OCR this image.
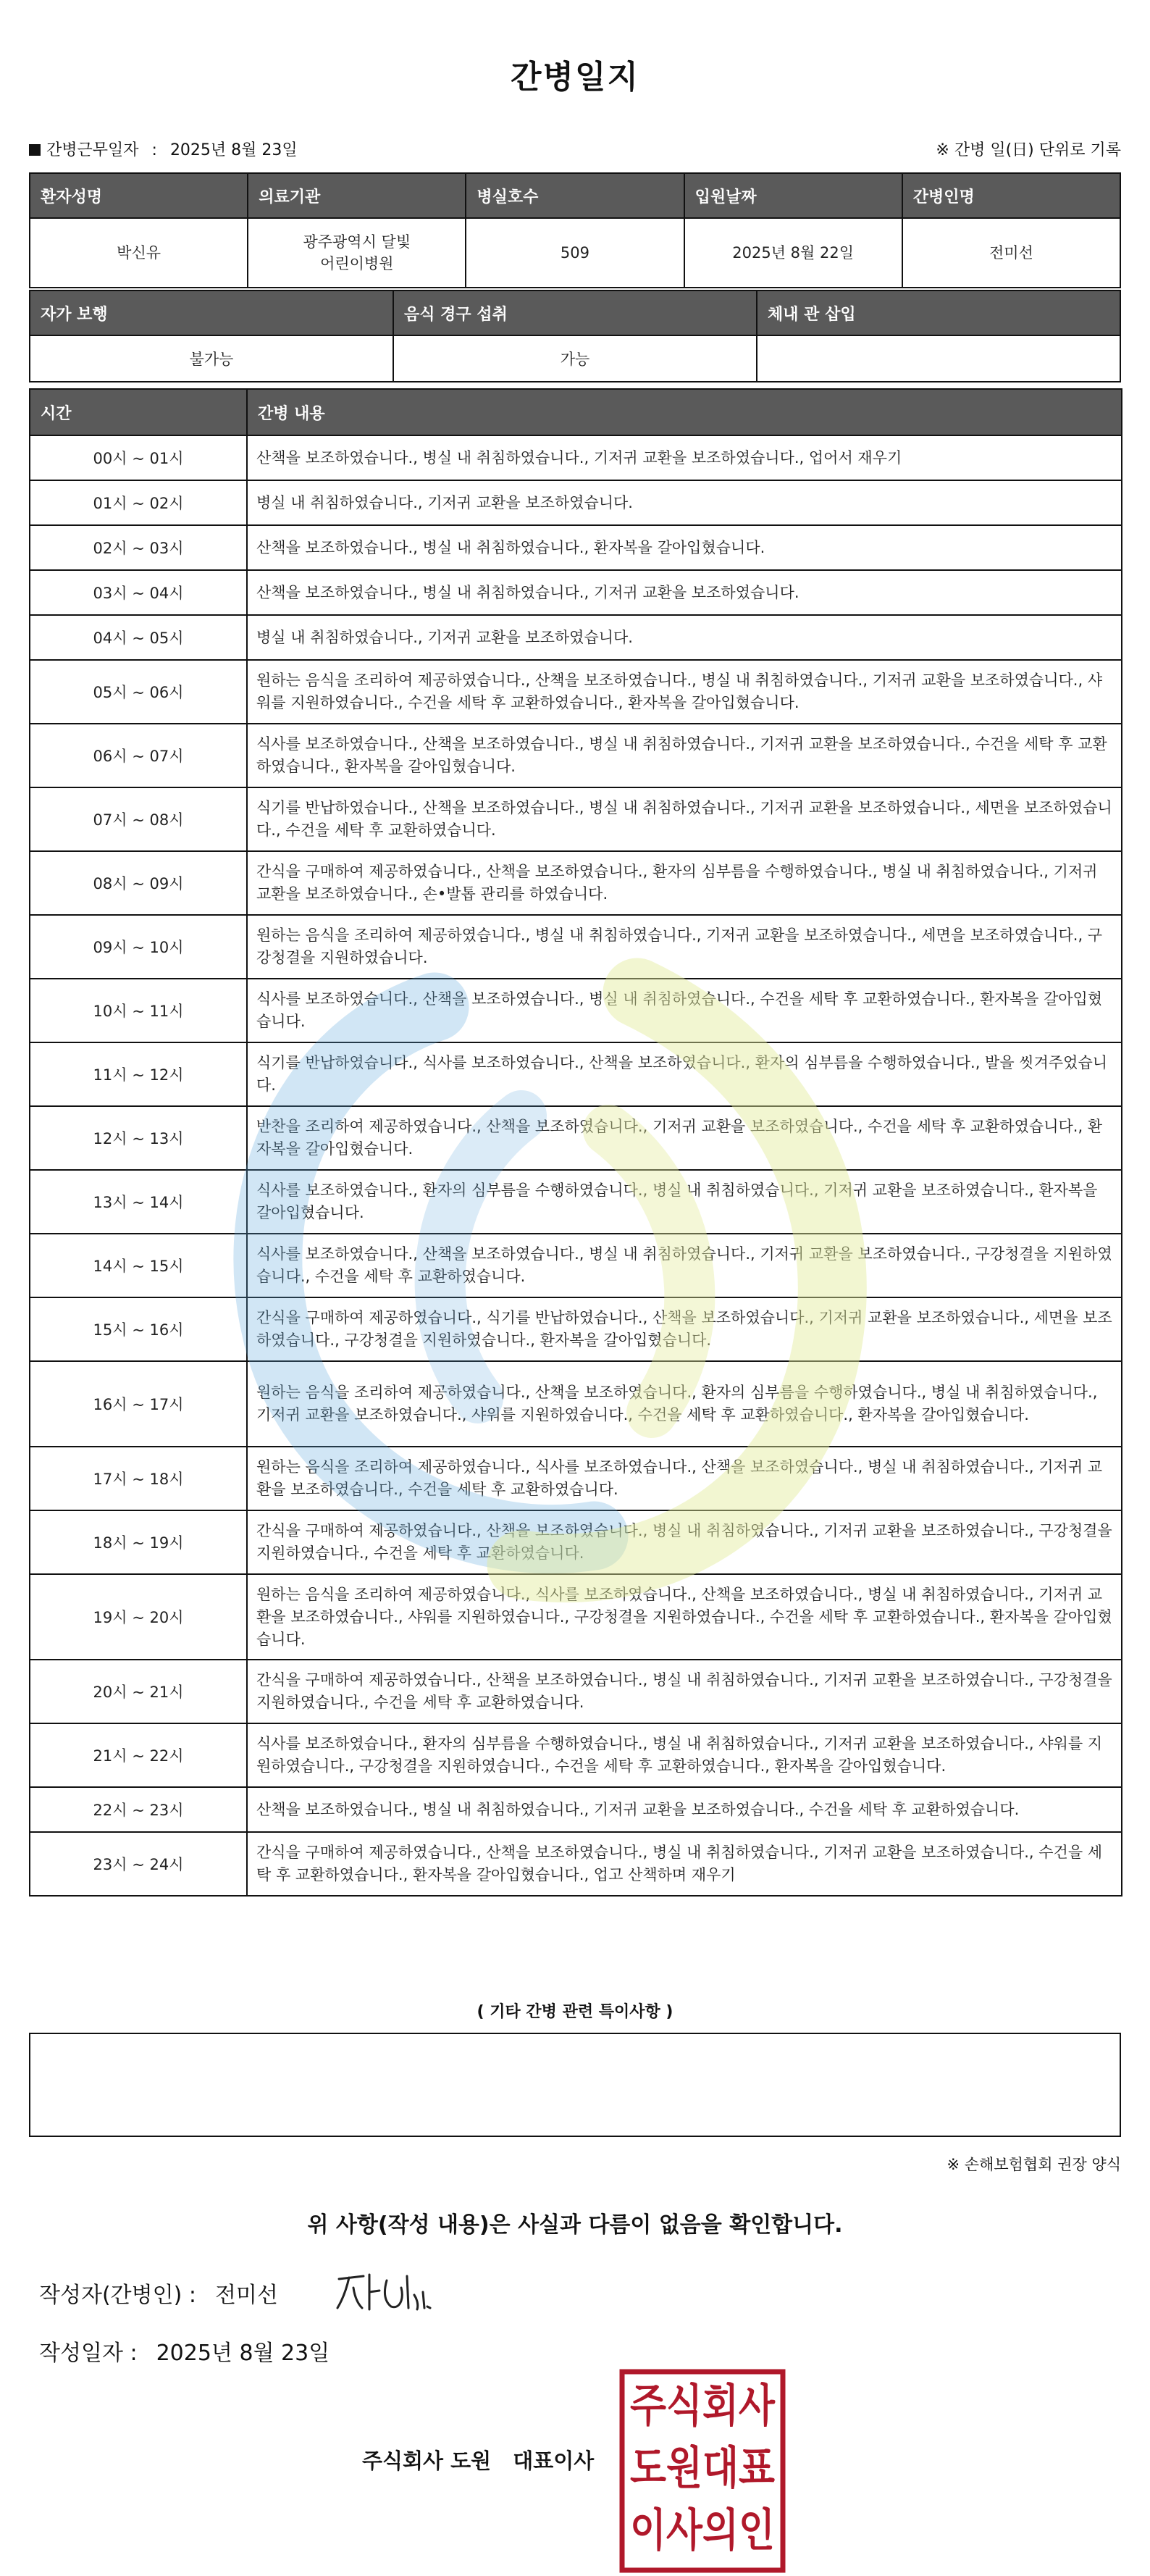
간병일지
간병근무일자 : 2025년 8월 23일	※ 간병 일(日) 단위로 기록
환자성명	의료기관	병실호수	입원날짜	간병인명
박신유	광주광역시 달빛 어린이병원	509	2025년 8월 22일	전미선
자가 보행	음식 경구 섭취	체내 관 삽입
불가능	가능	
시간	간병 내용
00시 ~ 01시	산책을 보조하였습니다., 병실 내 취침하였습니다., 기저귀 교환을 보조하였습니다., 업어서 재우기
01시 ~ 02시	병실 내 취침하였습니다., 기저귀 교환을 보조하였습니다.
02시 ~ 03시	산책을 보조하였습니다., 병실 내 취침하였습니다., 환자복을 갈아입혔습니다.
03시 ~ 04시	산책을 보조하였습니다., 병실 내 취침하였습니다., 기저귀 교환을 보조하였습니다.
04시 ~ 05시	병실 내 취침하였습니다., 기저귀 교환을 보조하였습니다.
05시 ~ 06시	원하는 음식을 조리하여 제공하였습니다., 산책을 보조하였습니다., 병실 내 취침하였습니다., 기저귀 교환을 보조하였습니다., 샤워를 지원하였습니다., 수건을 세탁 후 교환하였습니다., 환자복을 갈아입혔습니다.
06시 ~ 07시	식사를 보조하였습니다., 산책을 보조하였습니다., 병실 내 취침하였습니다., 기저귀 교환을 보조하였습니다., 수건을 세탁 후 교환하였습니다., 환자복을 갈아입혔습니다.
07시 ~ 08시	식기를 반납하였습니다., 산책을 보조하였습니다., 병실 내 취침하였습니다., 기저귀 교환을 보조하였습니다., 세면을 보조하였습니다., 수건을 세탁 후 교환하였습니다.
08시 ~ 09시	간식을 구매하여 제공하였습니다., 산책을 보조하였습니다., 환자의 심부름을 수행하였습니다., 병실 내 취침하였습니다., 기저귀 교환을 보조하였습니다., 손•발톱 관리를 하였습니다.
09시 ~ 10시	원하는 음식을 조리하여 제공하였습니다., 병실 내 취침하였습니다., 기저귀 교환을 보조하였습니다., 세면을 보조하였습니다., 구강청결을 지원하였습니다.
10시 ~ 11시	식사를 보조하였습니다., 산책을 보조하였습니다., 병실 내 취침하였습니다., 수건을 세탁 후 교환하였습니다., 환자복을 갈아입혔습니다.
11시 ~ 12시	식기를 반납하였습니다., 식사를 보조하였습니다., 산책을 보조하였습니다., 환자의 심부름을 수행하였습니다., 발을 씻겨주었습니다.
12시 ~ 13시	반찬을 조리하여 제공하였습니다., 산책을 보조하였습니다., 기저귀 교환을 보조하였습니다., 수건을 세탁 후 교환하였습니다., 환자복을 갈아입혔습니다.
13시 ~ 14시	식사를 보조하였습니다., 환자의 심부름을 수행하였습니다., 병실 내 취침하였습니다., 기저귀 교환을 보조하였습니다., 환자복을 갈아입혔습니다.
14시 ~ 15시	식사를 보조하였습니다., 산책을 보조하였습니다., 병실 내 취침하였습니다., 기저귀 교환을 보조하였습니다., 구강청결을 지원하였습니다., 수건을 세탁 후 교환하였습니다.
15시 ~ 16시	간식을 구매하여 제공하였습니다., 식기를 반납하였습니다., 산책을 보조하였습니다., 기저귀 교환을 보조하였습니다., 세면을 보조하였습니다., 구강청결을 지원하였습니다., 환자복을 갈아입혔습니다.
16시 ~ 17시	원하는 음식을 조리하여 제공하였습니다., 산책을 보조하였습니다., 환자의 심부름을 수행하였습니다., 병실 내 취침하였습니다., 기저귀 교환을 보조하였습니다., 샤워를 지원하였습니다., 수건을 세탁 후 교환하였습니다., 환자복을 갈아입혔습니다.
17시 ~ 18시	원하는 음식을 조리하여 제공하였습니다., 식사를 보조하였습니다., 산책을 보조하였습니다., 병실 내 취침하였습니다., 기저귀 교환을 보조하였습니다., 수건을 세탁 후 교환하였습니다.
18시 ~ 19시	간식을 구매하여 제공하였습니다., 산책을 보조하였습니다., 병실 내 취침하였습니다., 기저귀 교환을 보조하였습니다., 구강청결을 지원하였습니다., 수건을 세탁 후 교환하였습니다.
19시 ~ 20시	원하는 음식을 조리하여 제공하였습니다., 식사를 보조하였습니다., 산책을 보조하였습니다., 병실 내 취침하였습니다., 기저귀 교환을 보조하였습니다., 샤워를 지원하였습니다., 구강청결을 지원하였습니다., 수건을 세탁 후 교환하였습니다., 환자복을 갈아입혔습니다.
20시 ~ 21시	간식을 구매하여 제공하였습니다., 산책을 보조하였습니다., 병실 내 취침하였습니다., 기저귀 교환을 보조하였습니다., 구강청결을 지원하였습니다., 수건을 세탁 후 교환하였습니다.
21시 ~ 22시	식사를 보조하였습니다., 환자의 심부름을 수행하였습니다., 병실 내 취침하였습니다., 기저귀 교환을 보조하였습니다., 샤워를 지원하였습니다., 구강청결을 지원하였습니다., 수건을 세탁 후 교환하였습니다., 환자복을 갈아입혔습니다.
22시 ~ 23시	산책을 보조하였습니다., 병실 내 취침하였습니다., 기저귀 교환을 보조하였습니다., 수건을 세탁 후 교환하였습니다.
23시 ~ 24시	간식을 구매하여 제공하였습니다., 산책을 보조하였습니다., 병실 내 취침하였습니다., 기저귀 교환을 보조하였습니다., 수건을 세탁 후 교환하였습니다., 환자복을 갈아입혔습니다., 업고 산책하며 재우기
( 기타 간병 관련 특이사항 )
※ 손해보험협회 권장 양식
위 사항(작성 내용)은 사실과 다름이 없음을 확인합니다.
작성자(간병인) : 전미선
작성일자 : 2025년 8월 23일
주식회사 도원 대표이사
주식회사
도원대표
이사의인
